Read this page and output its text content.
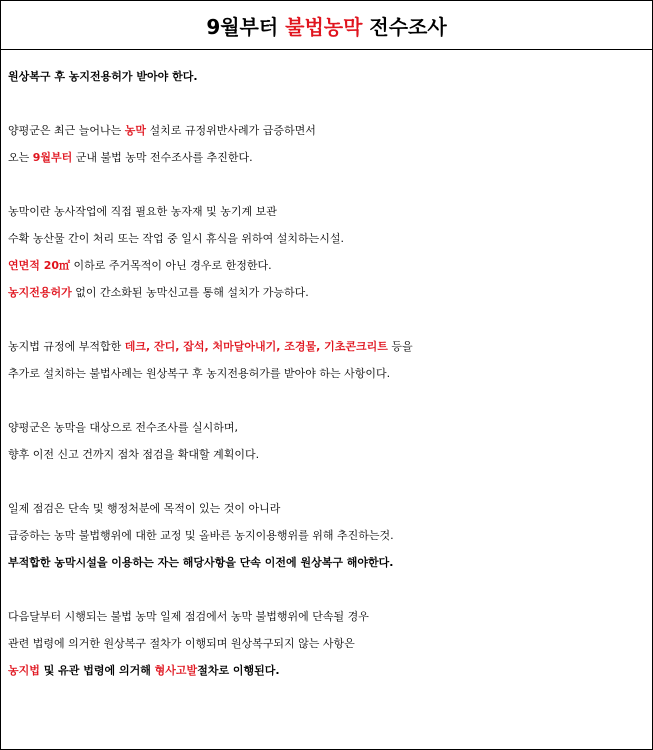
9월부터 불법농막 전수조사
원상복구 후 농지전용허가 받아야 한다.
양평군은 최근 늘어나는 농막 설치로 규정위반사례가 급증하면서
오는 9월부터 군내 불법 농막 전수조사를 추진한다.
농막이란 농사작업에 직접 필요한 농자재 및 농기계 보관
수확 농산물 간이 처리 또는 작업 중 일시 휴식을 위하여 설치하는시설.
연면적 20㎡ 이하로 주거목적이 아닌 경우로 한정한다.
농지전용허가 없이 간소화된 농막신고를 통해 설치가 가능하다.
농지법 규정에 부적합한 데크, 잔디, 잡석, 처마달아내기, 조경물, 기초콘크리트 등을
추가로 설치하는 불법사례는 원상복구 후 농지전용허가를 받아야 하는 사항이다.
양평군은 농막을 대상으로 전수조사를 실시하며,
향후 이전 신고 건까지 점차 점검을 확대할 계획이다.
일제 점검은 단속 및 행정처분에 목적이 있는 것이 아니라
급증하는 농막 불법행위에 대한 교정 및 올바른 농지이용행위를 위해 추진하는것.
부적합한 농막시설을 이용하는 자는 해당사항을 단속 이전에 원상복구 해야한다.
다음달부터 시행되는 불법 농막 일제 점검에서 농막 불법행위에 단속될 경우
관련 법령에 의거한 원상복구 절차가 이행되며 원상복구되지 않는 사항은
농지법 및 유관 법령에 의거해 형사고발절차로 이행된다.
